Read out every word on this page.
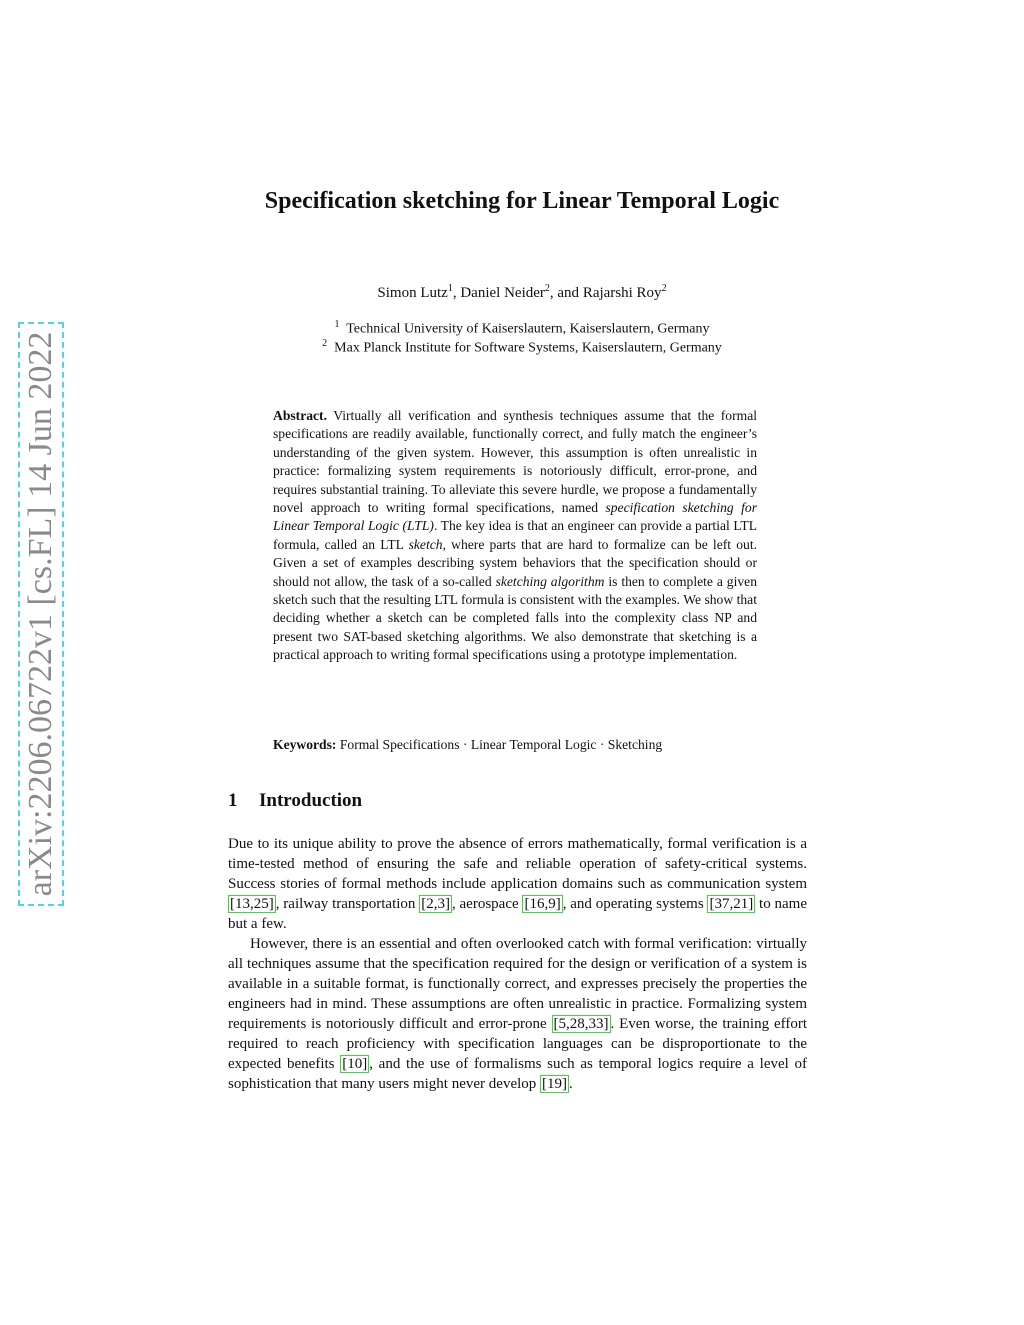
arXiv:2206.06722v1 [cs.FL] 14 Jun 2022
Specification sketching for Linear Temporal Logic
Simon Lutz$^1$, Daniel Neider$^2$, and Rajarshi Roy$^2$
$^1$ Technical University of Kaiserslautern, Kaiserslautern, Germany
$^2$ Max Planck Institute for Software Systems, Kaiserslautern, Germany
Abstract. Virtually all verification and synthesis techniques assume that the formal specifications are readily available, functionally correct, and fully match the engineer’s understanding of the given system. However, this assumption is often unrealistic in practice: formalizing system requirements is notoriously difficult, error-prone, and requires substantial training. To alleviate this severe hurdle, we propose a fundamentally novel approach to writing formal specifications, named specification sketching for Linear Temporal Logic (LTL). The key idea is that an engineer can provide a partial LTL formula, called an LTL sketch, where parts that are hard to formalize can be left out. Given a set of examples describing system behaviors that the specification should or should not allow, the task of a so-called sketching algorithm is then to complete a given sketch such that the resulting LTL formula is consistent with the examples. We show that deciding whether a sketch can be completed falls into the complexity class NP and present two SAT-based sketching algorithms. We also demonstrate that sketching is a practical approach to writing formal specifications using a prototype implementation.
Keywords: Formal Specifications · Linear Temporal Logic · Sketching
1 Introduction

Due to its unique ability to prove the absence of errors mathematically, formal verification is a time-tested method of ensuring the safe and reliable operation of safety-critical systems. Success stories of formal methods include application domains such as communication system [13,25] , railway transportation [2,3] , aerospace [16,9] , and operating systems [37,21] to name but a few.

However, there is an essential and often overlooked catch with formal verification: virtually all techniques assume that the specification required for the design or verification of a system is available in a suitable format, is functionally correct, and expresses precisely the properties the engineers had in mind. These assumptions are often unrealistic in practice. Formalizing system requirements is notoriously difficult and error-prone [5,28,33] . Even worse, the training effort required to reach proficiency with specification languages can be disproportionate to the expected benefits [10] , and the use of formalisms such as temporal logics require a level of sophistication that many users might never develop [19] .
